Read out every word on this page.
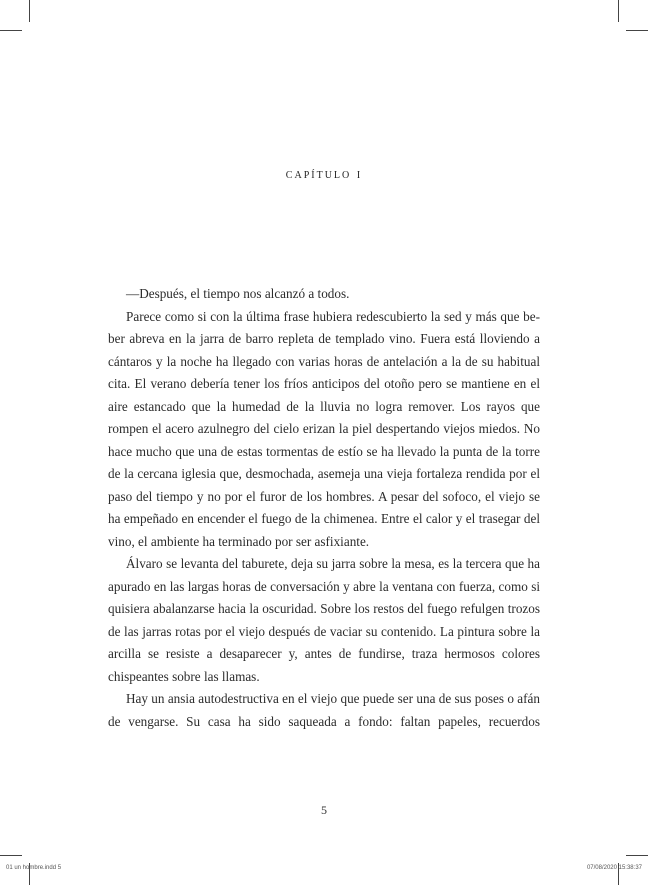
capítulo i

—Después, el tiempo nos alcanzó a todos.

Parece como si con la última frase hubiera redescubierto la sed y más que beber abreva en la jarra de barro repleta de templado vino. Fuera está lloviendo a cántaros y la noche ha llegado con varias horas de antelación a la de su habitual cita. El verano debería tener los fríos anticipos del otoño pero se mantiene en el aire estancado que la humedad de la lluvia no logra remover. Los rayos que rompen el acero azulnegro del cielo erizan la piel despertando viejos miedos. No hace mucho que una de estas tormentas de estío se ha llevado la punta de la torre de la cercana iglesia que, desmochada, asemeja una vieja fortaleza rendida por el paso del tiempo y no por el furor de los hombres. A pesar del sofoco, el viejo se ha empeñado en encender el fuego de la chimenea. Entre el calor y el trasegar del vino, el ambiente ha terminado por ser asfixiante.

Álvaro se levanta del taburete, deja su jarra sobre la mesa, es la tercera que ha apurado en las largas horas de conversación y abre la ventana con fuerza, como si quisiera abalanzarse hacia la oscuridad. Sobre los restos del fuego refulgen trozos de las jarras rotas por el viejo después de vaciar su contenido. La pintura sobre la arcilla se resiste a desaparecer y, antes de fundirse, traza hermosos colores chispeantes sobre las llamas.

Hay un ansia autodestructiva en el viejo que puede ser una de sus poses o afán de vengarse. Su casa ha sido saqueada a fondo: faltan papeles, recuerdos

5
01 un hombre.indd 5	07/08/2020 15:38:37
